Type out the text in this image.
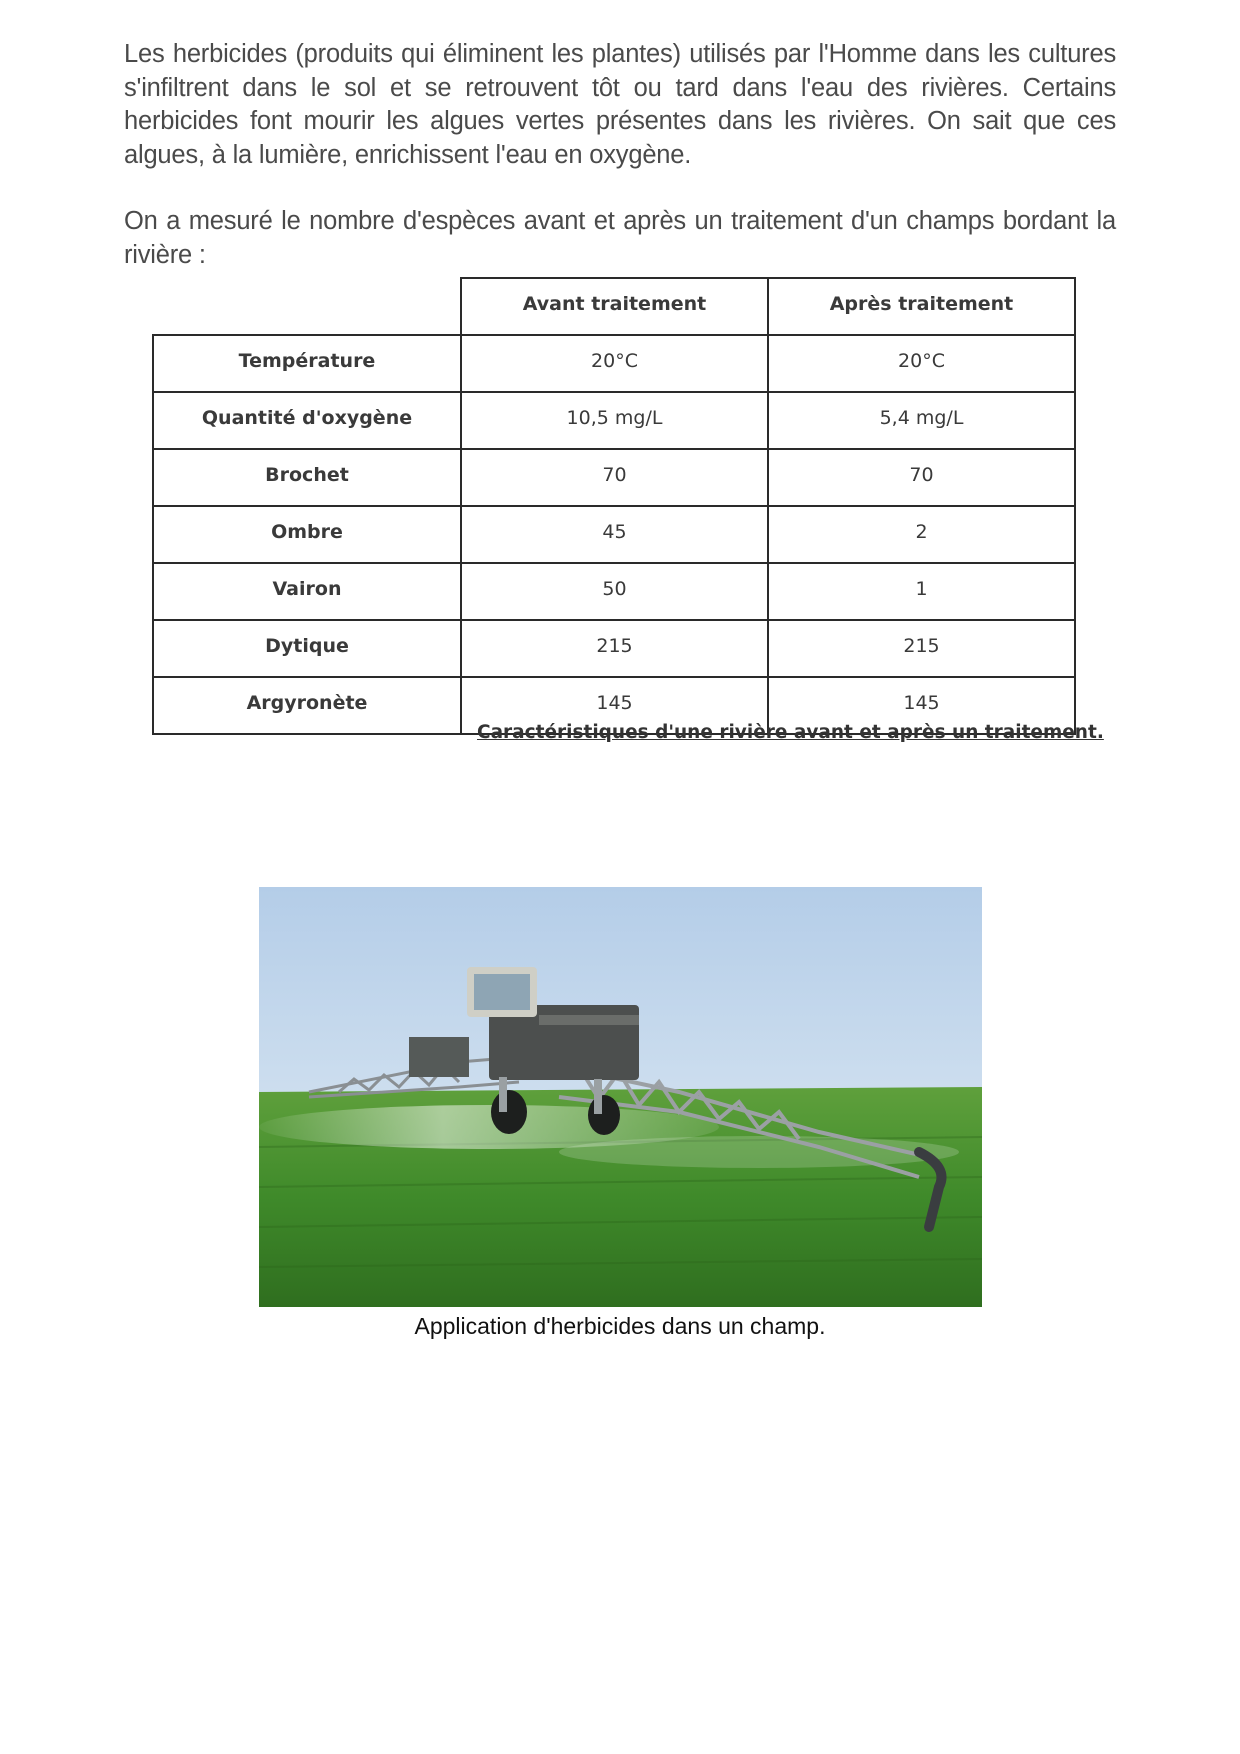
Les herbicides (produits qui éliminent les plantes) utilisés par l'Homme dans les cultures s'infiltrent dans le sol et se retrouvent tôt ou tard dans l'eau des rivières. Certains herbicides font mourir les algues vertes présentes dans les rivières. On sait que ces algues, à la lumière, enrichissent l'eau en oxygène.
On a mesuré le nombre d'espèces avant et après un traitement d'un champs bordant la rivière :
	Avant traitement	Après traitement
Température	20°C	20°C
Quantité d'oxygène	10,5 mg/L	5,4 mg/L
Brochet	70	70
Ombre	45	2
Vairon	50	1
Dytique	215	215
Argyronète	145	145
Caractéristiques d'une rivière avant et après un traitement.
Application d'herbicides dans un champ.
